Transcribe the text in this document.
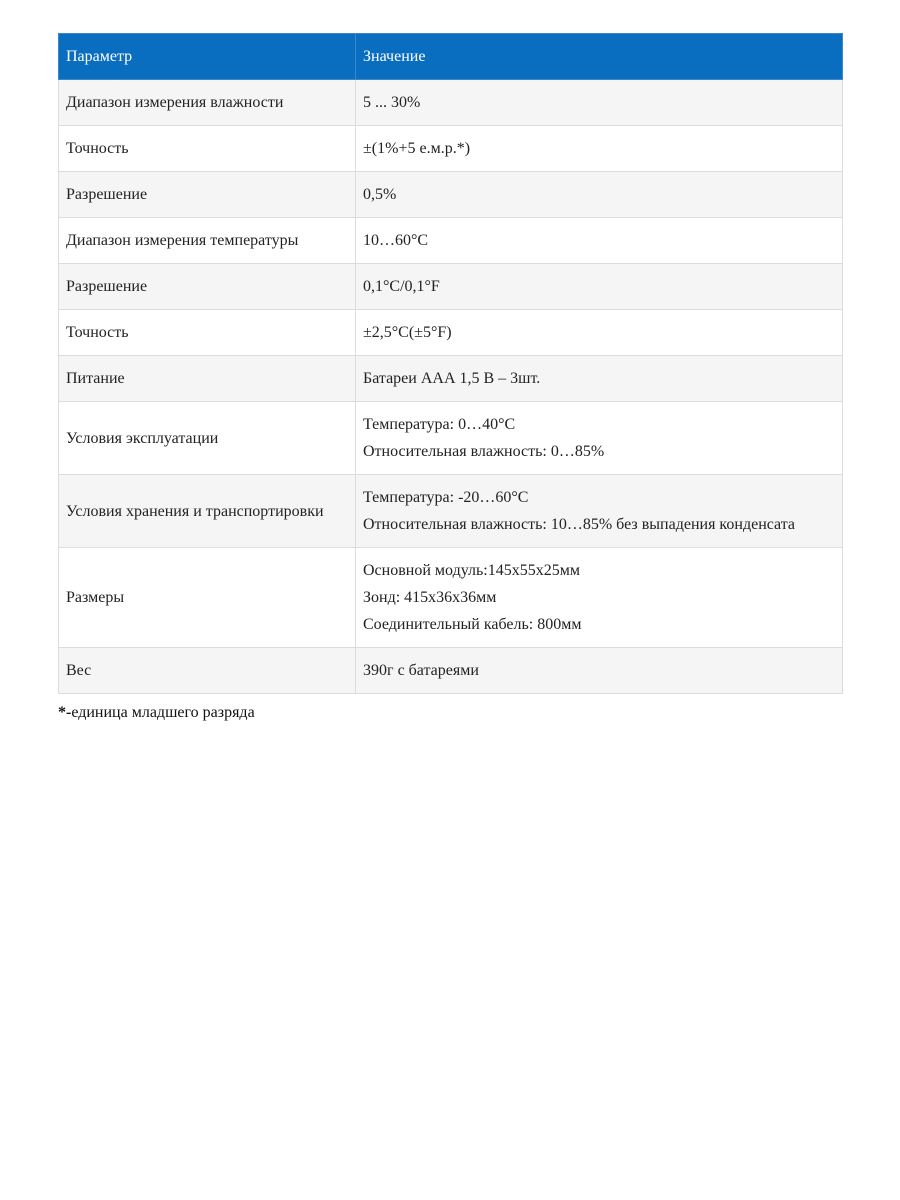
Параметр	Значение
Диапазон измерения влажности	5 ... 30%

Точность	±(1%+5 е.м.р.*)

Разрешение	0,5%

Диапазон измерения температуры	10…60°C

Разрешение	0,1°C/0,1°F

Точность	±2,5°C(±5°F)

Питание	Батареи ААА 1,5 В – 3шт.

Условия эксплуатации	Температура: 0…40°C
Относительная влажность: 0…85%

Условия хранения и транспортировки	Температура: -20…60°C
Относительная влажность: 10…85% без выпадения конденсата

Размеры	Основной модуль:145х55х25мм
Зонд: 415х36х36мм
Соединительный кабель: 800мм

Вес	390г с батареями
*-единица младшего разряда
